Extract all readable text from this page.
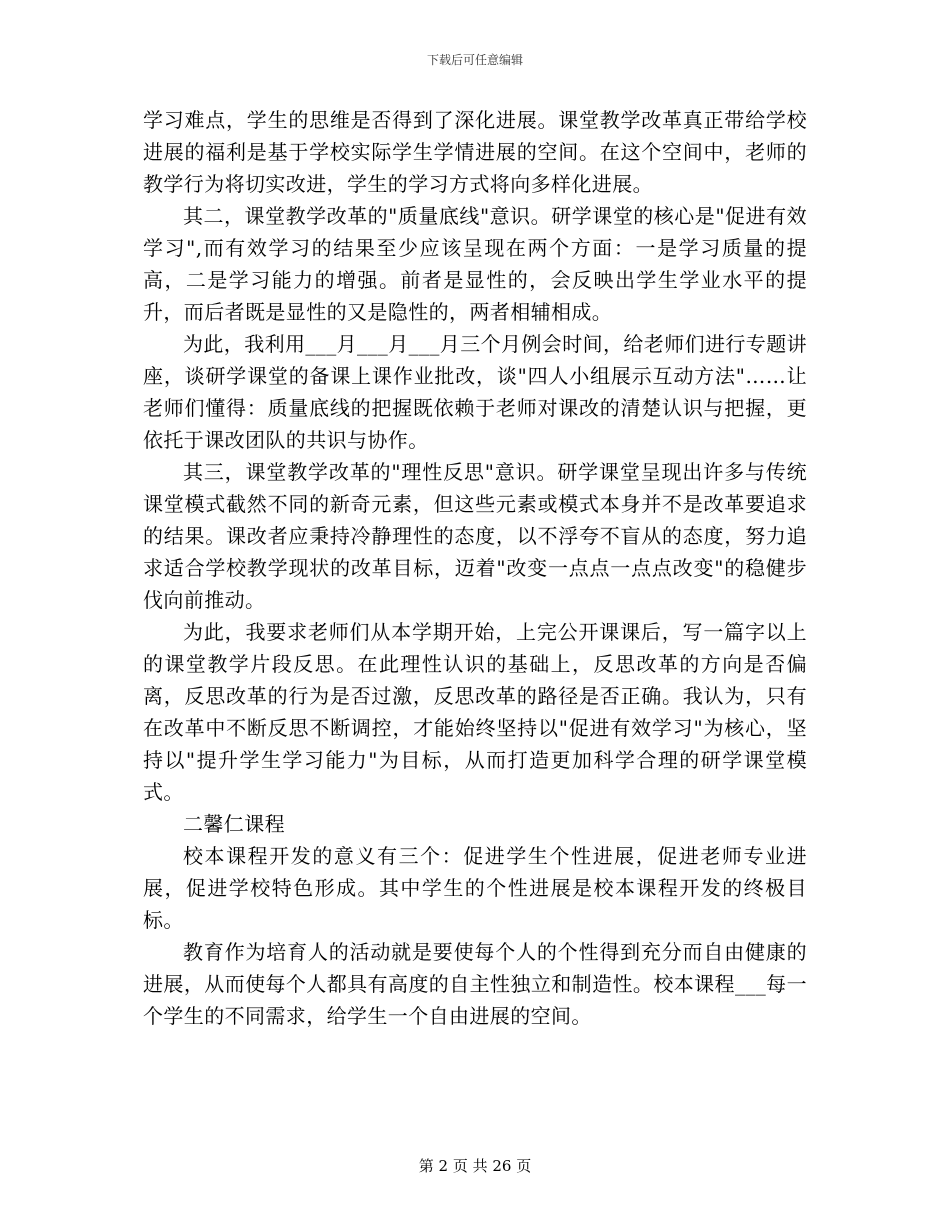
下载后可任意编辑

学习难点，学生的思维是否得到了深化进展。课堂教学改革真正带给学校进展的福利是基于学校实际学生学情进展的空间。在这个空间中，老师的教学行为将切实改进，学生的学习方式将向多样化进展。

其二，课堂教学改革的"质量底线"意识。研学课堂的核心是"促进有效学习",而有效学习的结果至少应该呈现在两个方面：一是学习质量的提高，二是学习能力的增强。前者是显性的，会反映出学生学业水平的提升，而后者既是显性的又是隐性的，两者相辅相成。

为此，我利用___月___月___月三个月例会时间，给老师们进行专题讲座，谈研学课堂的备课上课作业批改，谈"四人小组展示互动方法"……让老师们懂得：质量底线的把握既依赖于老师对课改的清楚认识与把握，更依托于课改团队的共识与协作。

其三，课堂教学改革的"理性反思"意识。研学课堂呈现出许多与传统课堂模式截然不同的新奇元素，但这些元素或模式本身并不是改革要追求的结果。课改者应秉持冷静理性的态度，以不浮夸不盲从的态度，努力追求适合学校教学现状的改革目标，迈着"改变一点点一点点改变"的稳健步伐向前推动。

为此，我要求老师们从本学期开始，上完公开课课后，写一篇字以上的课堂教学片段反思。在此理性认识的基础上，反思改革的方向是否偏离，反思改革的行为是否过激，反思改革的路径是否正确。我认为，只有在改革中不断反思不断调控，才能始终坚持以"促进有效学习"为核心，坚持以"提升学生学习能力"为目标，从而打造更加科学合理的研学课堂模式。

二馨仁课程

校本课程开发的意义有三个：促进学生个性进展，促进老师专业进展，促进学校特色形成。其中学生的个性进展是校本课程开发的终极目标。

教育作为培育人的活动就是要使每个人的个性得到充分而自由健康的进展，从而使每个人都具有高度的自主性独立和制造性。校本课程___每一个学生的不同需求，给学生一个自由进展的空间。

第 2 页 共 26 页
